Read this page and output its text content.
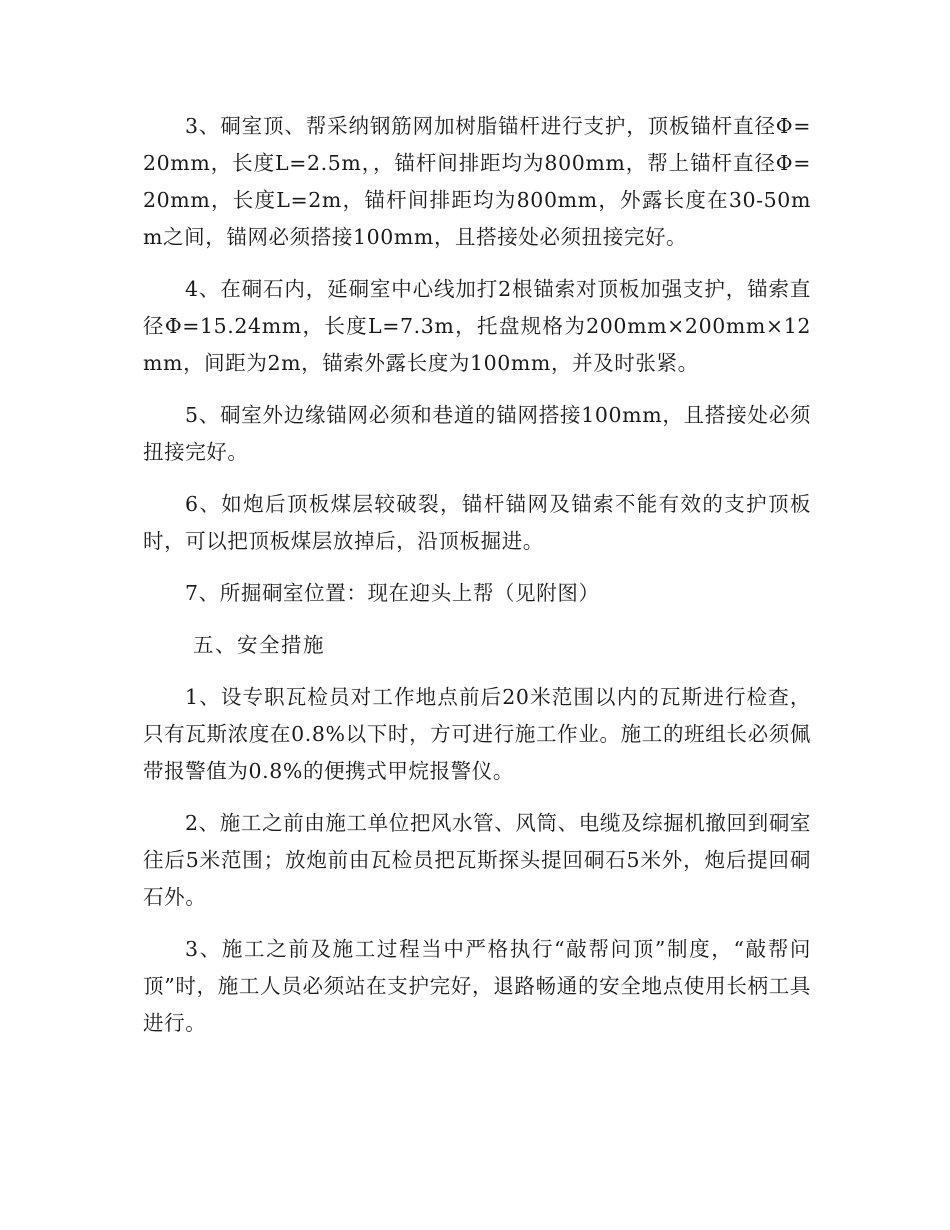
3、硐室顶、帮采纳钢筋网加树脂锚杆进行支护，顶板锚杆直径Φ=20mm，长度L=2.5m，，锚杆间排距均为800mm，帮上锚杆直径Φ=20mm，长度L=2m，锚杆间排距均为800mm，外露长度在30-50mm之间，锚网必须搭接100mm，且搭接处必须扭接完好。

4、在硐石内，延硐室中心线加打2根锚索对顶板加强支护，锚索直径Φ=15.24mm，长度L=7.3m，托盘规格为200mm×200mm×12mm，间距为2m，锚索外露长度为100mm，并及时张紧。

5、硐室外边缘锚网必须和巷道的锚网搭接100mm，且搭接处必须扭接完好。

6、如炮后顶板煤层较破裂，锚杆锚网及锚索不能有效的支护顶板时，可以把顶板煤层放掉后，沿顶板掘进。

7、所掘硐室位置：现在迎头上帮（见附图）

五、安全措施

1、设专职瓦检员对工作地点前后20米范围以内的瓦斯进行检查，只有瓦斯浓度在0.8%以下时，方可进行施工作业。施工的班组长必须佩带报警值为0.8%的便携式甲烷报警仪。

2、施工之前由施工单位把风水管、风筒、电缆及综掘机撤回到硐室往后5米范围；放炮前由瓦检员把瓦斯探头提回硐石5米外，炮后提回硐石外。

3、施工之前及施工过程当中严格执行“敲帮问顶”制度，“敲帮问顶”时，施工人员必须站在支护完好，退路畅通的安全地点使用长柄工具进行。
